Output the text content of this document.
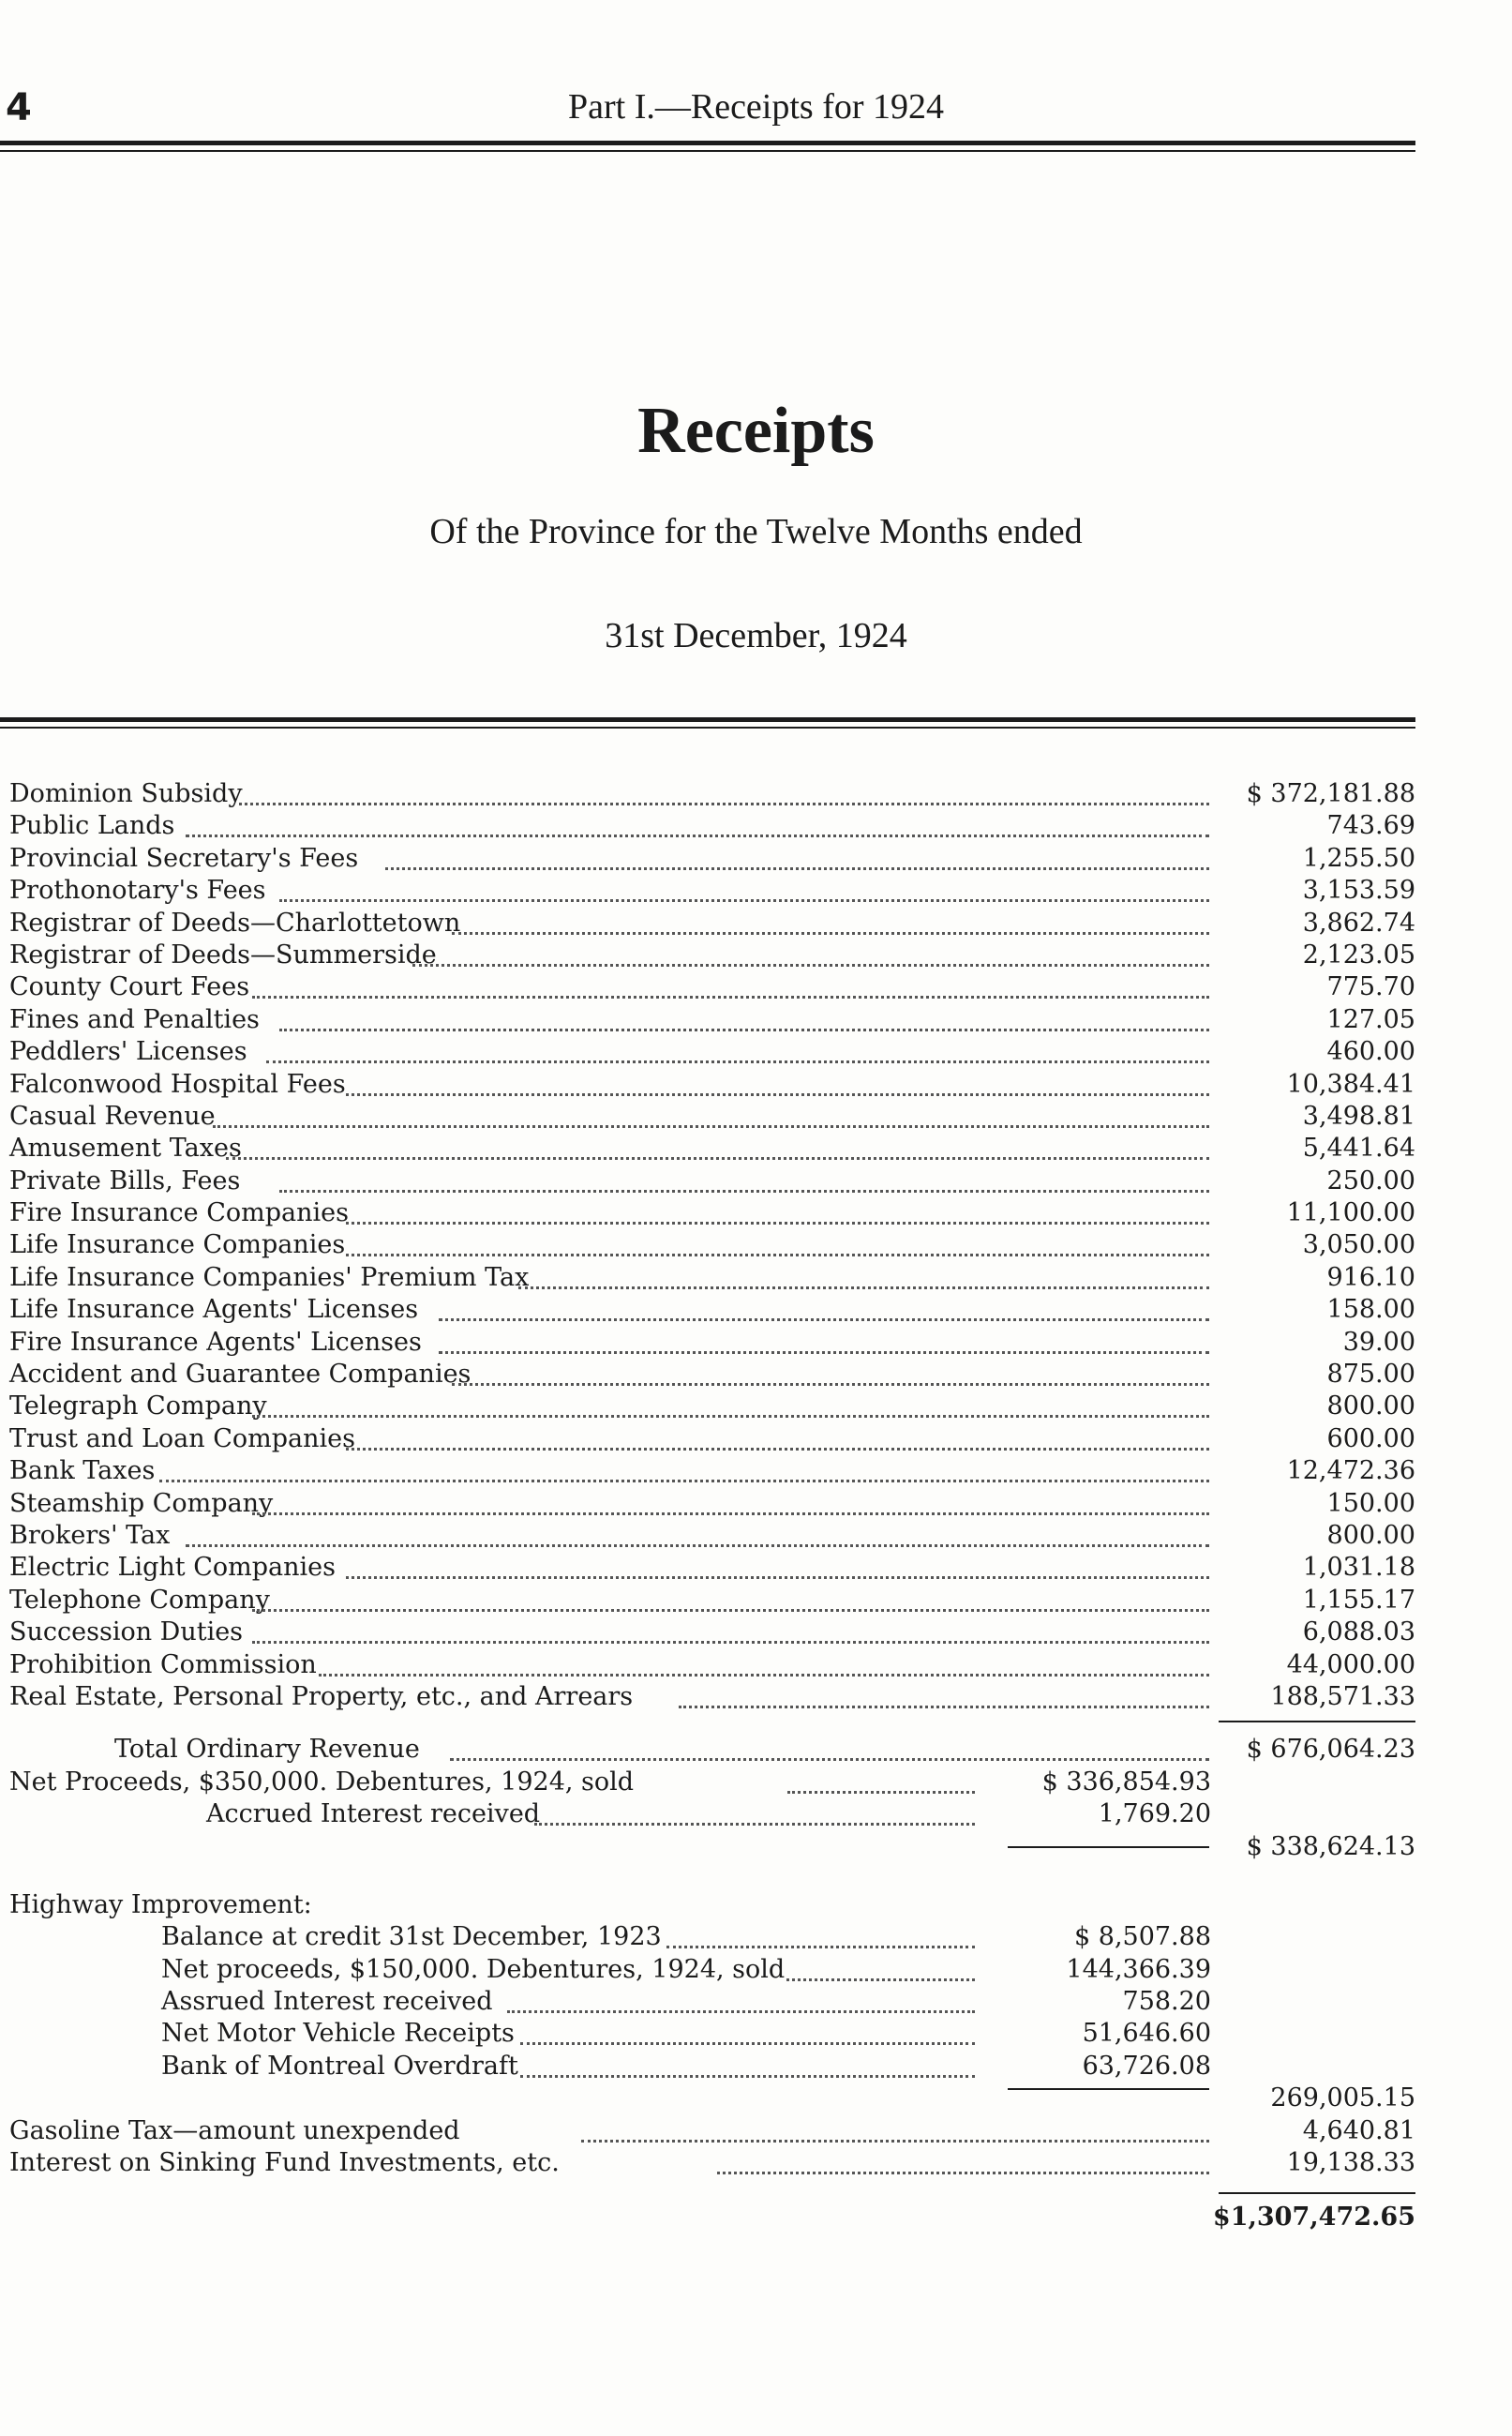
4	Part I.—Receipts for 1924
Receipts
Of the Province for the Twelve Months ended
31st December, 1924
Dominion Subsidy	$ 372,181.88
Public Lands	743.69
Provincial Secretary's Fees	1,255.50
Prothonotary's Fees	3,153.59
Registrar of Deeds—Charlottetown	3,862.74
Registrar of Deeds—Summerside	2,123.05
County Court Fees	775.70
Fines and Penalties	127.05
Peddlers' Licenses	460.00
Falconwood Hospital Fees	10,384.41
Casual Revenue	3,498.81
Amusement Taxes	5,441.64
Private Bills, Fees	250.00
Fire Insurance Companies	11,100.00
Life Insurance Companies	3,050.00
Life Insurance Companies' Premium Tax	916.10
Life Insurance Agents' Licenses	158.00
Fire Insurance Agents' Licenses	39.00
Accident and Guarantee Companies	875.00
Telegraph Company	800.00
Trust and Loan Companies	600.00
Bank Taxes	12,472.36
Steamship Company	150.00
Brokers' Tax	800.00
Electric Light Companies	1,031.18
Telephone Company	1,155.17
Succession Duties	6,088.03
Prohibition Commission	44,000.00
Real Estate, Personal Property, etc., and Arrears	188,571.33
Total Ordinary Revenue	$ 676,064.23
Net Proceeds, $350,000. Debentures, 1924, sold	$ 336,854.93
Accrued Interest received	1,769.20
$ 338,624.13
Highway Improvement:
Balance at credit 31st December, 1923	$ 8,507.88
Net proceeds, $150,000. Debentures, 1924, sold	144,366.39
Assrued Interest received	758.20
Net Motor Vehicle Receipts	51,646.60
Bank of Montreal Overdraft	63,726.08
269,005.15
Gasoline Tax—amount unexpended	4,640.81
Interest on Sinking Fund Investments, etc.	19,138.33
$1,307,472.65
